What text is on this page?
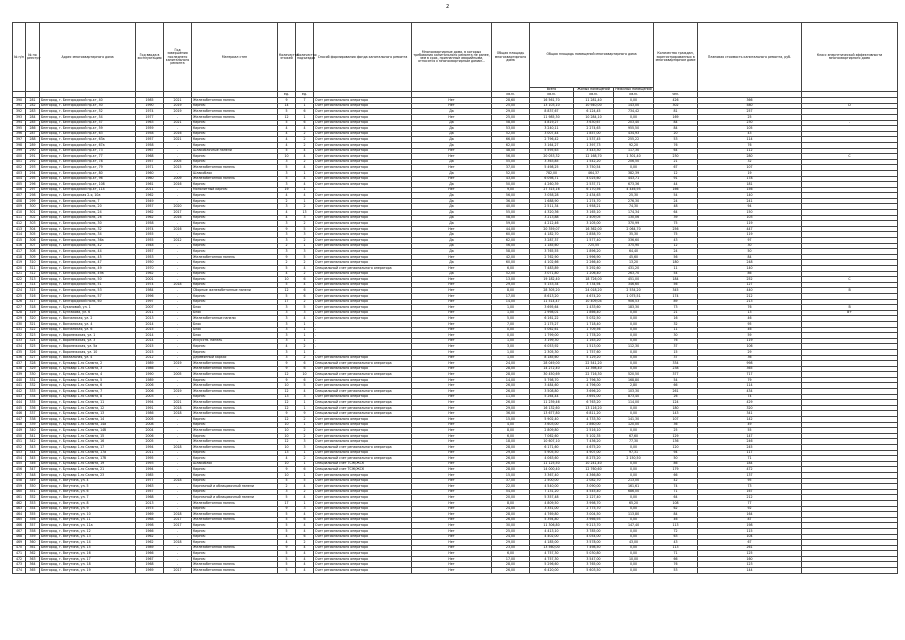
2
№ п/п	№ по реестру	Адрес многоквартирного дома	Год ввода в эксплуатацию	Год завершения последнего капитального ремонта	Материал стен	Количество этажей	Количество подъездов	Способ формирования фонда капитального ремонта	Многоквартирные дома, в которых требования капитального ремонта не ранее, чем в срок, признанные аварийными, относятся к многоквартирным домам...	Общая площадь многоквартирного дома	Общая площадь помещений многоквартирного дома			Количество граждан, зарегистрированных в многоквартирном доме	Плановая стоимость капитального ремонта, руб.	Класс энергетической эффективности многоквартирного дома
											Всего	Жилых помещений	Нежилых помещений			
						ед.	ед.			кв.м.	кв.м.	кв.м.	кв.м.	чел.		
390	281	Белгород, г. Белгородский пр-кт, 40	1985	2021	Железобетонная панель	9	7	Счет регионального оператора	Нет	28,60	16 561,70	11 281,40	0,00	426	366	
391	282	Белгород, г. Белгородский пр-кт, 50	1990	2019	Кирпич	14	1	Счет регионального оператора	Нет	25,00	13 103,10	10 940,00	143,00	302	580	D
392	283	Белгород, г. Белгородский пр-кт, 52	1974	2019	Железобетонная панель	5	6	Счет регионального оператора	Да	29,00	8 837,67	6 124,45	734,42	81	257	
393	284	Белгород, г. Белгородский пр-кт, 54	1977	-	Железобетонная панель	12	1	Счет регионального оператора	Нет	25,00	11 985,30	10 284,10	0,00	169	25	
394	285	Белгород, г. Белгородский пр-кт, 57	1963	2021	Кирпич	5	6	Счет регионального оператора	Да	58,00	4 819,27	3 630,67	203,40	84	230	-
395	286	Белгород, г. Белгородский пр-кт, 59	1959	-	Кирпич	4	4	Счет регионального оператора	Да	53,00	3 240,11	2 274,63	955,50	84	105	
396	287	Белгород, г. Белгородский пр-кт, 63	1958	2016	Кирпич	4	2	Счет регионального оператора	Да	52,00	3 007,44	1 857,00	434,93	20	43	
397	288	Белгород, г. Белгородский пр-кт, 63а	1957	2021	Кирпич	4	2	Счет регионального оператора	Да	66,00	2 796,42	1 537,45	255,22	53	114	
398	289	Белгород, г. Белгородский пр-кт, 67а	1958	-	Кирпич	4	2	Счет регионального оператора	Да	62,00	3 164,27	1 397,73	92,20	76	76	
399	290	Белгород, г. Белгородский пр-кт, 73	1967	-	Шлакоблочные панели	5	4	Счет регионального оператора	Нет	48,00	5 595,63	3 443,30	117,30	64	112	
400	291	Белгород, г. Белгородский пр-кт, 77	1968	-	Кирпич	10	4	Счет регионального оператора	Нет	56,00	20 053,32	12 168,70	1 301,40	230	280	C
401	292	Белгород, г. Белгородский пр-кт, 78	1957	2005	Кирпич	3	2	Счет регионального оператора	Да	55,00	3 363,85	1 542,20	206,50	21	32	
402	293	Белгород, г. Белгородский пр-кт, 79	1971	2015	Железобетонная панель	5	4	Счет регионального оператора	Нет	37,00	5 498,25	3 750,54	0,00	67	107	
403	294	Белгород, г. Белгородский пр-кт, 80	1960	-	Шлакоблок	3	1	Счет регионального оператора	Да	52,00	782,00	464,37	382,39	12	19	
404	295	Белгород, г. Белгородский пр-кт, 96	1960	2009	Железобетонная панель	5	4	Счет регионального оператора	Нет	43,00	6 098,71	4 025,60	443,71	91	178	
405	296	Белгород, г. Белгородский пр-кт, 108	1961	2016	Кирпич	3	4	Счет регионального оператора	Да	50,00	4 260,39	2 537,71	673,36	44	181	
406	297	Белгород, г. Белгородский пр-кт, 114	2011	-	Монолитный кирпич	19	1	-	Нет	9,00	27 315,16	6 170,56	4 446,95	166	156	
407	298	Белгород, г. Белгородская 2-я, 10а	1962	-	Кирпич	4	4	Счет регионального оператора	Да	56,00	3 058,28	2 434,63	25,30	54	140	
408	299	Белгород, г. Белгородский полк, 7	1949	-	Кирпич	2	1	Счет регионального оператора	Да	36,00	1 688,90	1 274,70	276,30	24	241	
409	300	Белгород, г. Белгородский полк, 20	1957	2020	Кирпич	3	2	Счет регионального оператора	Да	40,00	2 511,34	1 958,21	74,30	48	94	
410	301	Белгород, г. Белгородский полк, 24	1962	2017	Кирпич	4	13	Счет регионального оператора	Да	55,00	4 320,36	3 165,10	174,34	64	150	
411	302	Белгород, г. Белгородский полк, 26	1962	2016	Кирпич	4	3	Счет регионального оператора	Да	58,00	3 213,88	2 409,05	130,06	39	103	
412	303	Белгород, г. Белгородский полк, 30	1958	-	Кирпич	3	2	Счет регионального оператора	Да	59,00	4 212,46	3 105,00	370,99	75	119	
413	304	Белгород, г. Белгородский полк, 32	1974	2016	Кирпич	9	5	Счет регионального оператора	Нет	44,00	20 359,07	16 362,00	2 064,70	256	447	
414	305	Белгород, г. Белгородский полк, 34	1955	-	Кирпич	3	3	Счет регионального оператора	Да	60,00	4 182,70	2 858,70	35,30	75	119	
415	306	Белгород, г. Белгородский полк, 36а	1955	2012	Кирпич	3	2	Счет регионального оператора	Да	62,00	3 287,37	1 577,40	336,60	43	97	
416	307	Белгород, г. Белгородский полк, 42	1948	-	Кирпич	2	1	Счет регионального оператора	Да	56,00	1 185,60	725,55	375,90	12	30	
417	308	Белгород, г. Белгородский полк, 44	1957	-	Кирпич	3	3	Счет регионального оператора	Да	58,00	3 765,55	1 896,20	64,40	24	50	
418	309	Белгород, г. Белгородский полк, 45	1953	-	Железобетонная панель	9	5	Счет регионального оператора	Нет	42,00	2 762,90	1 996,90	45,60	56	84	
419	310	Белгород, г. Белгородский полк, 47	1950	-	Кирпич	2	2	Счет регионального оператора	Да	60,00	4 102,66	2 266,40	13,20	180	248	
420	311	Белгород, г. Белгородский полк, 49	1970	-	Кирпич	5	4	Специальный счет регионального оператора	Нет	6,00	7 483,89	5 292,60	431,20	11	140	
421	312	Белгород, г. Белгородский полк, 49а	1962	-	Кирпич	4	2	Счет регионального оператора	Да	52,00	3 071,80	1 206,40	263,70	54	86	
422	313	Белгород, г. Белгородский полк, 50	2001	-	Кирпич	10	6	Счет регионального оператора	Нет	13,00	19 182,40	18 726,00	451,00	184	252	C
423	314	Белгород, г. Белгородский полк, 51	1974	2018	Кирпич	5	4	Счет регионального оператора	Нет	29,00	5 153,34	3 734,94	346,60	56	127	
424	315	Белгород, г. Белгородский полк, 53	1984	-	Сборные железобетонные панели	12	6	Счет регионального оператора	Нет	8,00	28 305,20	24 018,20	2 534,20	345	440	B
425	316	Белгород, г. Белгородский полк, 57	1996	-	Кирпич	5	6	Счет регионального оператора	Нет	17,00	8 613,20	4 674,20	1 075,51	174	212	
426	317	Белгород, г. Белгородский полк, 60	1997	-	Кирпич	17	2	Счет регионального оператора	Нет	14,00	11 514,47	10 409,04	906,53	89	213	
427	318	Белгород, г. Букановой, ул. 1	2007	-	Блок	3	5	Счет регионального оператора	Нет	1,00	3 695,64	1 433,60	183,30	73	76	B
428	319	Белгород, г. Булгакова, ул. 6	2011	-	Блок	3	3	Счет регионального оператора	Нет	1,00	2 998,01	1 866,40	0,00	21	13	B+
429	320	Белгород, г. Волчанская, ул. 2	2013	-	Железобетонные панели	3	4	Счет регионального оператора	Нет	5,00	6 161,22	5 032,50	0,00	16	46	
430	321	Белгород, г. Волчанская, ул. 4	2014	-	Блок	3	1	-	Нет	7,00	2 175,27	1 718,40	0,00	32	95	
431	322	Белгород, г. Волчанская, ул. 6	2015	-	Блок	3	1	-	Нет	0,00	5 062,61	1 709,56	0,00	11	46	
432	323	Белгород, г. Воронежская, ул. 1	2014	-	Блок	3	1	-	Нет	0,00	1 799,00	1 778,20	0,00	30	59	
433	324	Белгород, г. Воронежская, ул. 3	2014	-	Искусств. панель	3	1	-	Нет	1,00	3 199,30	1 163,20	0,00	76	119	
434	325	Белгород, г. Воронежская, ул. 5а	2015	-	Кирпич	4	2	-	Нет	3,00	6 053,92	1 513,00	112,30	37	106	
435	326	Белгород, г. Воронежская, ул. 10	2015	-	Кирпич	3	1	-	Нет	1,00	2 305,30	1 757,60	0,00	15	29	
436	327	Белгород, г. Вокзальная, ул. 4	2012	-	Деревянный каркас	3	2	Счет регионального оператора	Нет	1,00	8 185,60	5 129,20	0,00	37	36	
437	328	Белгород, г. Бульвар 1-го Салюта, 2	1989	2019	Железобетонная панель	9	6	Специальный счет регионального оператора	Нет	24,00	28 049,00	22 541,20	0,00	334	998	
438	329	Белгород, г. Бульвар 1-го Салюта, 3	1986	-	Железобетонная панель	9	6	Счет регионального оператора	Нет	28,00	14 272,40	12 398,40	0,00	238	365	
439	330	Белгород, г. Бульвар 1-го Салюта, 4	1990	2005	Железобетонная панель	12	10	Специальный счет регионального оператора	Нет	28,00	30 450,69	22 716,30	520,50	377	717	
440	331	Белгород, г. Бульвар 1-го Салюта, 5	1989	-	Кирпич	9	6	Счет регионального оператора	Нет	14,00	5 798,70	2 796,30	168,80	54	79	
441	332	Белгород, г. Бульвар 1-го Салюта, 6	2006	-	Железобетонная панель	10	5	Счет регионального оператора	Нет	26,00	3 484,60	4 796,00	2,80	66	114	
442	333	Белгород, г. Бульвар 1-го Салюта, 7	2006	2019	Железобетонная панель	12	4	Специальный счет регионального оператора	Нет	26,00	3 508,80	3 696,20	103,30	261	434	
443	334	Белгород, г. Бульвар 1-го Салюта, 8	2003	-	Кирпич	13	3	Счет регионального оператора	Нет	11,00	5 264,44	3 691,00	873,40	26	74	
444	335	Белгород, г. Бульвар 1-го Салюта, 11	1994	2021	Железобетонная панель	12	1	Специальный счет регионального оператора	Нет	26,00	11 239,46	6 763,20	114,00	124	429	
445	336	Белгород, г. Бульвар 1-го Салюта, 12	1991	2018	Железобетонная панель	12	1	Специальный счет регионального оператора	Нет	29,00	16 132,60	13 116,20	0,00	180	320	
446	337	Белгород, г. Бульвар 1-го Салюта, 13	1986	2018	Железобетонная панель	9	9	Специальный счет регионального оператора	Нет	36,00	13 677,80	6 811,20	0,00	143	341	
447	338	Белгород, г. Бульвар 1-го Салюта, 14	2005	-	Кирпич	12	2	Счет регионального оператора	Нет	15,00	5 902,40	4 733,30	141,30	107	142	
448	339	Белгород, г. Бульвар 1-го Салюта, 14а	2008	-	Кирпич	10	1	Счет регионального оператора	Нет	4,00	3 603,00	2 860,00	120,00	36	49	
449	340	Белгород, г. Бульвар 1-го Салюта, 14б	2004	-	Железобетонная панель	10	2	Счет регионального оператора	Нет	8,00	2 809,80	2 516,10	0,00	25	55	
450	341	Белгород, г. Бульвар 1-го Салюта, 15	2006	-	Кирпич	10	2	Счет регионального оператора	Нет	6,00	7 062,60	5 102,35	67,60	129	147	
451	342	Белгород, г. Бульвар 1-го Салюта, 16	2005	-	Железобетонная панель	12	3	Счет регионального оператора	Нет	18,00	10 607,10	7 436,20	77,30	136	246	
452	343	Белгород, г. Бульвар 1-го Салюта, 17	1994	2018	Железобетонная панель	10	3	Специальный счет регионального оператора	Нет	28,00	6 171,60	4 675,20	0,00	120	245	
453	344	Белгород, г. Бульвар 1-го Салюта, 17а	2011	-	Кирпич	13	1	Счет регионального оператора	Нет	29,00	5 905,50	4 907,00	97,31	94	117	
454	345	Белгород, г. Бульвар 1-го Салюта, 17б	1995	-	Кирпич	4	2	Специальный счет регионального оператора	Нет	26,00	4 063,60	8 275,20	2 150,50	50	71	
455	346	Белгород, г. Бульвар 1-го Салюта, 19	1993	-	Шлакоблок	10	1	Специальный счет ТСЖ/ЖСК	Нет	26,00	11 125,50	10 241,40	0,00	86	184	
456	347	Белгород, г. Бульвар 1-го Салюта, 21	1994	-	Кирпич	9	6	Специальный счет ТСЖ/ЖСК	Нет	28,00	14 000,40	12 760,60	0,00	179	472	
457	348	Белгород, г. Бульвар 1-го Салюта, 23	1985	-	Кирпич	10	1	Счет регионального оператора	Нет	15,00	3 367,40	4 366,80	0,00	66	137	
458	349	Белгород, г. Ватутина, ул. 4	1977	2018	Кирпич	5	5	Счет регионального оператора	Нет	37,00	2 500,00	2 082,70	213,00	42	95	
459	350	Белгород, г. Ватутина, ул. 5	1963	-	Кирпичный и облицовочный панели	2	4	Счет регионального оператора	Нет	22,00	4 540,00	3 090,00	161,61	74	73	
460	351	Белгород, г. Ватутина, ул. 6	1957	-	Кирпич	3	2	Счет регионального оператора	Нет	54,00	7 131,20	4 545,40	686,00	71	167	
461	352	Белгород, г. Ватутина, ул. 7	1968	-	Кирпичный и облицовочный панели	5	4	Счет регионального оператора	Нет	20,00	5 357,48	2 127,40	0,00	64	212	
462	353	Белгород, г. Ватутина, ул. 8	2013	-	Железобетонная панель	17	1	Счет регионального оператора	Нет	8,00	4 809,50	3 998,70	65,20	108	77	
463	354	Белгород, г. Ватутина, ул. 9	1975	-	Кирпич	9	3	Счет регионального оператора	Нет	24,00	3 351,00	2 775,70	0,00	62	92	
464	355	Белгород, г. Ватутина, ул. 10	1969	2018	Железобетонная панель	5	4	Счет регионального оператора	Нет	28,00	4 769,80	3 004,50	113,80	84	164	
465	356	Белгород, г. Ватутина, ул. 11	1968	2017	Железобетонная панель	5	6	Счет регионального оператора	Нет	26,00	5 394,80	3 966,93	0,00	46	87	
466	357	Белгород, г. Ватутина, ул. 11а	1998	2017	Кирпич	5	4	Счет регионального оператора	Нет	30,00	11 306,80	9 213,70	147,40	113	198	
467	358	Белгород, г. Ватутина, ул. 12	1966	-	Кирпич	5	4	Счет регионального оператора	Нет	25,00	4 413,10	3 785,00	0,00	72	115	
468	359	Белгород, г. Ватутина, ул. 13	1962	-	Кирпич	4	6	Счет регионального оператора	Нет	24,00	4 402,00	4 054,00	0,00	63	104	
469	360	Белгород, г. Ватутина, ул. 14	1962	2018	Кирпич	4	2	Счет регионального оператора	Нет	29,00	4 185,00	3 578,00	43,00	43	67	
470	361	Белгород, г. Ватутина, ул. 15	1989	-	Железобетонная панель	9	4	Счет регионального оператора	Нет	23,00	13 560,00	7 498,50	0,00	113	261	
471	362	Белгород, г. Ватутина, ул. 16	1966	-	Кирпич	5	4	Счет регионального оператора	Нет	6,00	4 757,30	5 030,80	0,00	71	125	
472	363	Белгород, г. Ватутина, ул. 17	1967	-	Кирпич	5	4	Счет регионального оператора	Нет	17,00	4 757,30	3 547,00	10,00	66	160	
473	364	Белгород, г. Ватутина, ул. 18	1968	-	Железобетонная панель	5	4	Счет регионального оператора	Нет	28,00	5 296,60	3 765,00	0,00	76	123	
474	365	Белгород, г. Ватутина, ул. 19	1969	2017	Железобетонная панель	5	4	Счет регионального оператора	Нет	26,00	6 420,00	5 603,50	0,00	53	144	
